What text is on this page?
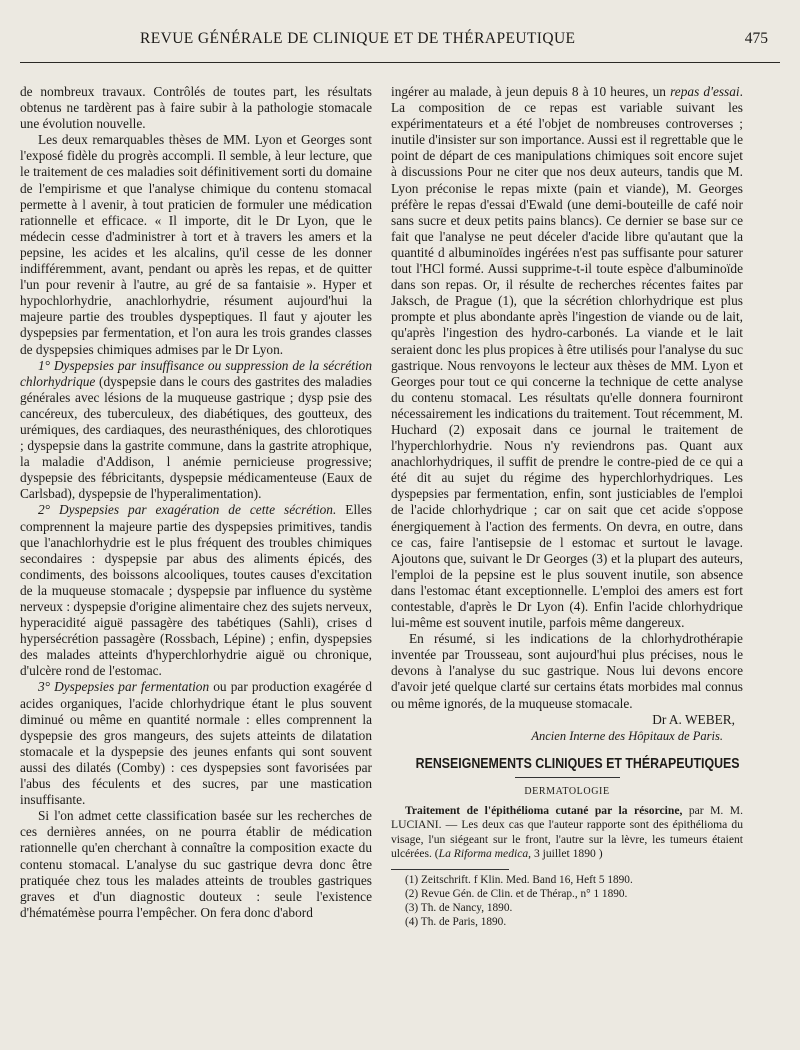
REVUE GÉNÉRALE DE CLINIQUE ET DE THÉRAPEUTIQUE	475

de nombreux travaux. Contrôlés de toutes part, les résultats obtenus ne tardèrent pas à faire subir à la pathologie stomacale une évolution nouvelle.

Les deux remarquables thèses de MM. Lyon et Georges sont l'exposé fidèle du progrès accompli. Il semble, à leur lecture, que le traitement de ces maladies soit définitivement sorti du domaine de l'empirisme et que l'analyse chimique du contenu stomacal permette à l avenir, à tout praticien de formuler une médication rationnelle et efficace. « Il importe, dit le Dr Lyon, que le médecin cesse d'administrer à tort et à travers les amers et la pepsine, les acides et les alcalins, qu'il cesse de les donner indifféremment, avant, pendant ou après les repas, et de quitter l'un pour revenir à l'autre, au gré de sa fantaisie ». Hyper et hypochlorhydrie, anachlorhydrie, résument aujourd'hui la majeure partie des troubles dyspeptiques. Il faut y ajouter les dyspepsies par fermentation, et l'on aura les trois grandes classes de dyspepsies chimiques admises par le Dr Lyon.

1° Dyspepsies par insuffisance ou suppression de la sécrétion chlorhydrique (dyspepsie dans le cours des gastrites des maladies générales avec lésions de la muqueuse gastrique ; dysp psie des cancéreux, des tuberculeux, des diabétiques, des goutteux, des urémiques, des cardiaques, des neurasthéniques, des chlorotiques ; dyspepsie dans la gastrite commune, dans la gastrite atrophique, la maladie d'Addison, l anémie pernicieuse progressive; dyspepsie des fébricitants, dyspepsie médicamenteuse (Eaux de Carlsbad), dyspepsie de l'hyperalimentation).

2° Dyspepsies par exagération de cette sécrétion. Elles comprennent la majeure partie des dyspepsies primitives, tandis que l'anachlorhydrie est le plus fréquent des troubles chimiques secondaires : dyspepsie par abus des aliments épicés, des condiments, des boissons alcooliques, toutes causes d'excitation de la muqueuse stomacale ; dyspepsie par influence du système nerveux : dyspepsie d'origine alimentaire chez des sujets nerveux, hyperacidité aiguë passagère des tabétiques (Sahli), crises d hypersécrétion passagère (Rossbach, Lépine) ; enfin, dyspepsies des malades atteints d'hyperchlorhydrie aiguë ou chronique, d'ulcère rond de l'estomac.

3° Dyspepsies par fermentation ou par production exagérée d acides organiques, l'acide chlorhydrique étant le plus souvent diminué ou même en quantité normale : elles comprennent la dyspepsie des gros mangeurs, des sujets atteints de dilatation stomacale et la dyspepsie des jeunes enfants qui sont souvent aussi des dilatés (Comby) : ces dyspepsies sont favorisées par l'abus des féculents et des sucres, par une mastication insuffisante.

Si l'on admet cette classification basée sur les recherches de ces dernières années, on ne pourra établir de médication rationnelle qu'en cherchant à connaître la composition exacte du contenu stomacal. L'analyse du suc gastrique devra donc être pratiquée chez tous les malades atteints de troubles gastriques graves et d'un diagnostic douteux : seule l'existence d'hématémèse pourra l'empêcher. On fera donc d'abord

ingérer au malade, à jeun depuis 8 à 10 heures, un repas d'essai. La composition de ce repas est variable suivant les expérimentateurs et a été l'objet de nombreuses controverses ; inutile d'insister sur son importance. Aussi est il regrettable que le point de départ de ces manipulations chimiques soit encore sujet à discussions Pour ne citer que nos deux auteurs, tandis que M. Lyon préconise le repas mixte (pain et viande), M. Georges préfère le repas d'essai d'Ewald (une demi-bouteille de café noir sans sucre et deux petits pains blancs). Ce dernier se base sur ce fait que l'analyse ne peut déceler d'acide libre qu'autant que la quantité d albuminoïdes ingérées n'est pas suffisante pour saturer tout l'HCl formé. Aussi supprime-t-il toute espèce d'albuminoïde dans son repas. Or, il résulte de recherches récentes faites par Jaksch, de Prague (1), que la sécrétion chlorhydrique est plus prompte et plus abondante après l'ingestion de viande ou de lait, qu'après l'ingestion des hydro-carbonés. La viande et le lait seraient donc les plus propices à être utilisés pour l'analyse du suc gastrique. Nous renvoyons le lecteur aux thèses de MM. Lyon et Georges pour tout ce qui concerne la technique de cette analyse du contenu stomacal. Les résultats qu'elle donnera fourniront nécessairement les indications du traitement. Tout récemment, M. Huchard (2) exposait dans ce journal le traitement de l'hyperchlorhydrie. Nous n'y reviendrons pas. Quant aux anachlorhydriques, il suffit de prendre le contre-pied de ce qui a été dit au sujet du régime des hyperchlorhydriques. Les dyspepsies par fermentation, enfin, sont justiciables de l'emploi de l'acide chlorhydrique ; car on sait que cet acide s'oppose énergiquement à l'action des ferments. On devra, en outre, dans ce cas, faire l'antisepsie de l estomac et surtout le lavage. Ajoutons que, suivant le Dr Georges (3) et la plupart des auteurs, l'emploi de la pepsine est le plus souvent inutile, son absence dans l'estomac étant exceptionnelle. L'emploi des amers est fort contestable, d'après le Dr Lyon (4). Enfin l'acide chlorhydrique lui-même est souvent inutile, parfois même dangereux.

En résumé, si les indications de la chlorhydrothérapie inventée par Trousseau, sont aujourd'hui plus précises, nous le devons à l'analyse du suc gastrique. Nous lui devons encore d'avoir jeté quelque clarté sur certains états morbides mal connus ou même ignorés, de la muqueuse stomacale.

Dr A. WEBER,
Ancien Interne des Hôpitaux de Paris.
RENSEIGNEMENTS CLINIQUES ET THÉRAPEUTIQUES
DERMATOLOGIE

Traitement de l'épithélioma cutané par la résorcine, par M. M. LUCIANI. — Les deux cas que l'auteur rapporte sont des épithélioma du visage, l'un siégeant sur le front, l'autre sur la lèvre, les tumeurs étaient ulcérées. (La Riforma medica, 3 juillet 1890 )

(1) Zeitschrift. f Klin. Med. Band 16, Heft 5 1890.
(2) Revue Gén. de Clin. et de Thérap., n° 1 1890.
(3) Th. de Nancy, 1890.
(4) Th. de Paris, 1890.
